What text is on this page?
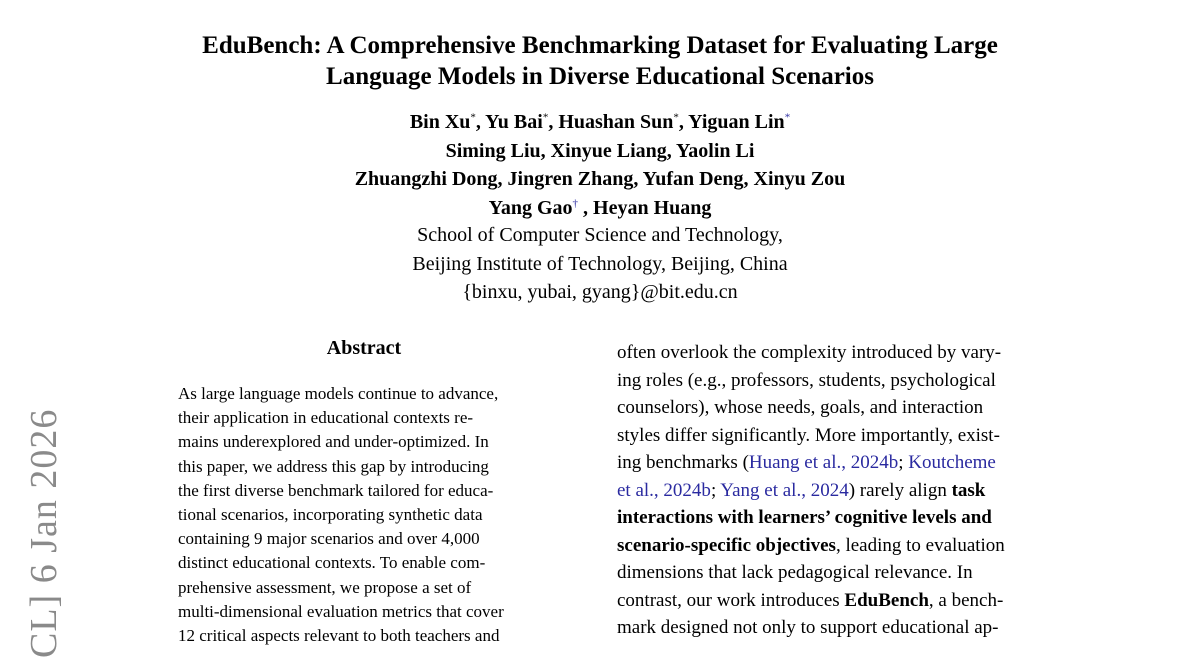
EduBench: A Comprehensive Benchmarking Dataset for Evaluating Large
Language Models in Diverse Educational Scenarios
Bin Xu*, Yu Bai*, Huashan Sun*, Yiguan Lin*
Siming Liu, Xinyue Liang, Yaolin Li
Zhuangzhi Dong, Jingren Zhang, Yufan Deng, Xinyu Zou
Yang Gao† , Heyan Huang
School of Computer Science and Technology,
Beijing Institute of Technology, Beijing, China
{binxu, yubai, gyang}@bit.edu.cn
Abstract
As large language models continue to advance,
their application in educational contexts re-
mains underexplored and under-optimized. In
this paper, we address this gap by introducing
the first diverse benchmark tailored for educa-
tional scenarios, incorporating synthetic data
containing 9 major scenarios and over 4,000
distinct educational contexts. To enable com-
prehensive assessment, we propose a set of
multi-dimensional evaluation metrics that cover
12 critical aspects relevant to both teachers and
often overlook the complexity introduced by vary-
ing roles (e.g., professors, students, psychological
counselors), whose needs, goals, and interaction
styles differ significantly. More importantly, exist-
ing benchmarks (Huang et al., 2024b; Koutcheme
et al., 2024b; Yang et al., 2024) rarely align task
interactions with learners’ cognitive levels and
scenario-specific objectives, leading to evaluation
dimensions that lack pedagogical relevance. In
contrast, our work introduces EduBench, a bench-
mark designed not only to support educational ap-
CL] 6 Jan 2026
